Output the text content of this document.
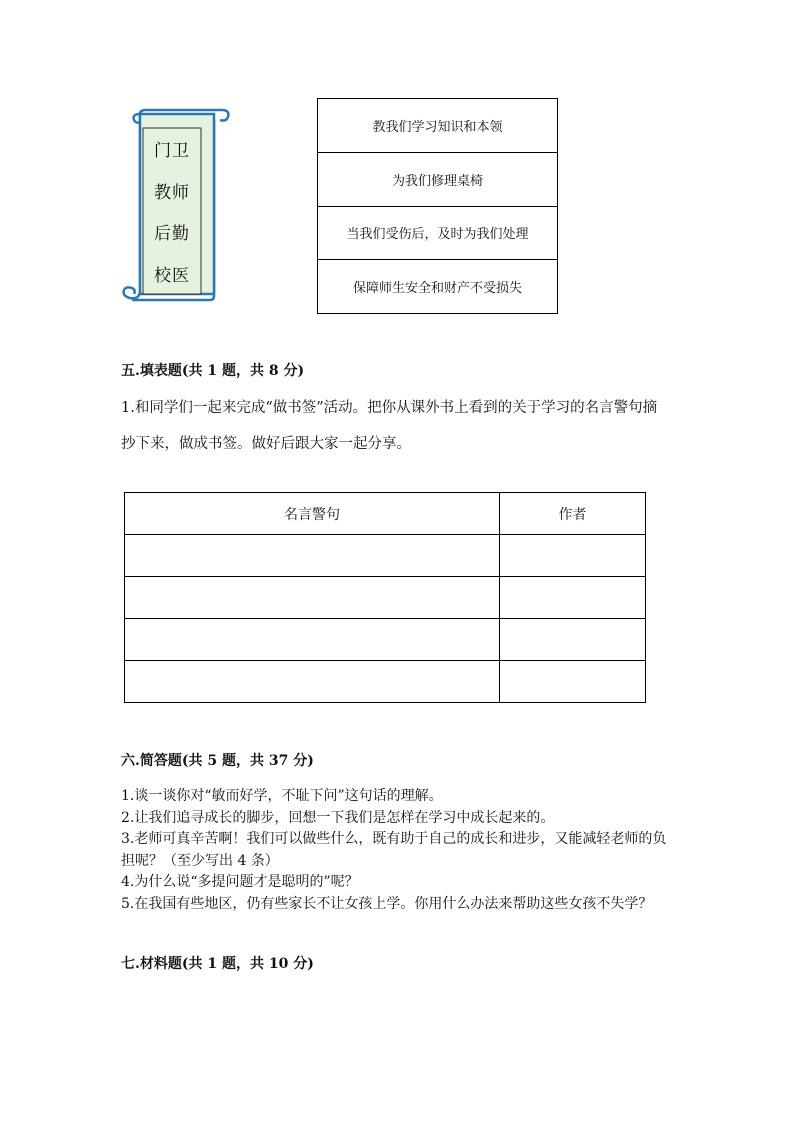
门卫
教师
后勤
校医
教我们学习知识和本领
为我们修理桌椅
当我们受伤后，及时为我们处理
保障师生安全和财产不受损失
五.填表题(共 1 题，共 8 分)
1.和同学们一起来完成“做书签”活动。把你从课外书上看到的关于学习的名言警句摘抄下来，做成书签。做好后跟大家一起分享。
名言警句	作者

六.简答题(共 5 题，共 37 分)
1.谈一谈你对“敏而好学，不耻下问”这句话的理解。
2.让我们追寻成长的脚步，回想一下我们是怎样在学习中成长起来的。
3.老师可真辛苦啊！我们可以做些什么，既有助于自己的成长和进步，又能减轻老师的负担呢？（至少写出 4 条）
4.为什么说“多提问题才是聪明的”呢？
5.在我国有些地区，仍有些家长不让女孩上学。你用什么办法来帮助这些女孩不失学？
七.材料题(共 1 题，共 10 分)
